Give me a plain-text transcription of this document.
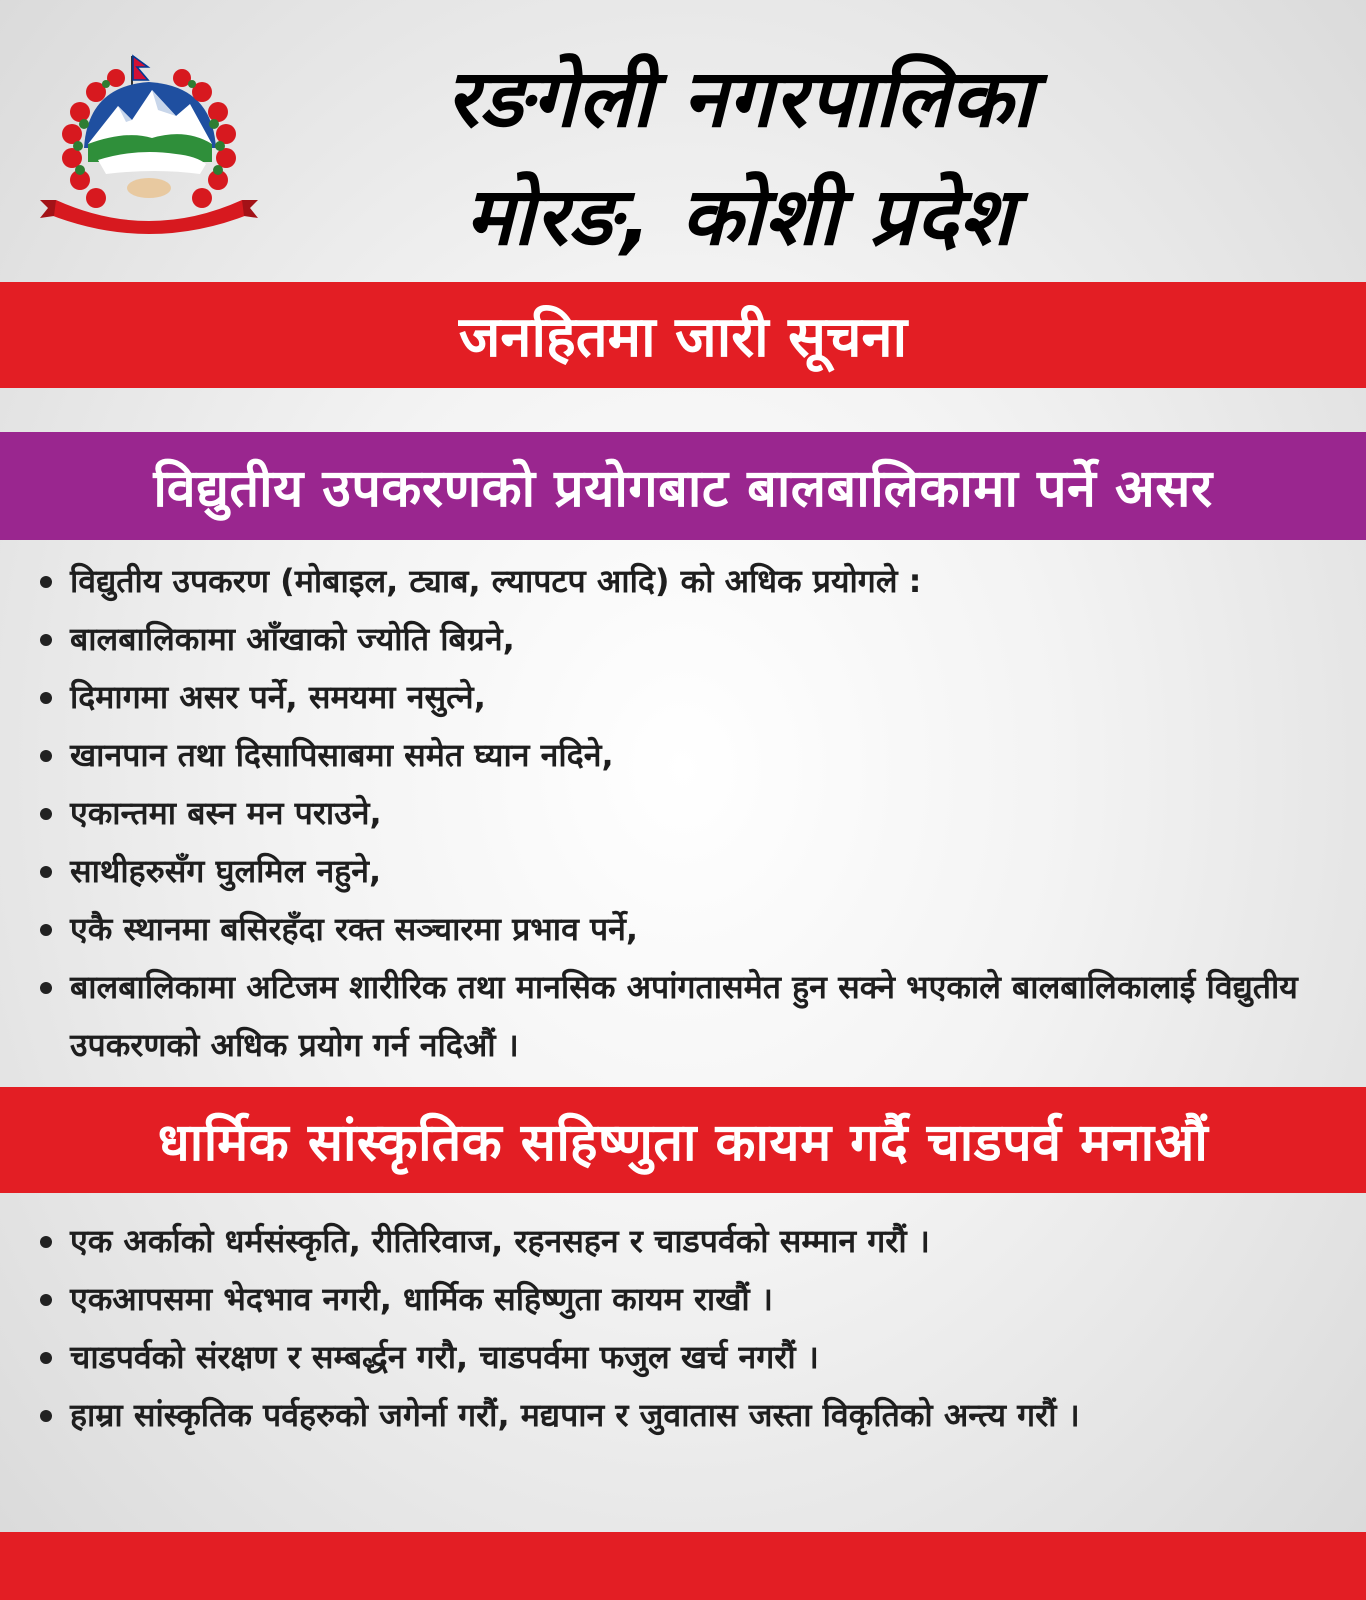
रङगेली नगरपालिका
मोरङ, कोशी प्रदेश
जनहितमा जारी सूचना
विद्युतीय उपकरणको प्रयोगबाट बालबालिकामा पर्ने असर
विद्युतीय उपकरण (मोबाइल, ट्याब, ल्यापटप आदि) को अधिक प्रयोगले :
बालबालिकामा आँखाको ज्योति बिग्रने,
दिमागमा असर पर्ने, समयमा नसुत्ने,
खानपान तथा दिसापिसाबमा समेत घ्यान नदिने,
एकान्तमा बस्न मन पराउने,
साथीहरुसँग घुलमिल नहुने,
एकै स्थानमा बसिरहँदा रक्त सञ्चारमा प्रभाव पर्ने,
बालबालिकामा अटिजम शारीरिक तथा मानसिक अपांगतासमेत हुन सक्ने भएकाले बालबालिकालाई विद्युतीय उपकरणको अधिक प्रयोग गर्न नदिऔं ।
धार्मिक सांस्कृतिक सहिष्णुता कायम गर्दै चाडपर्व मनाऔं
एक अर्काको धर्मसंस्कृति, रीतिरिवाज, रहनसहन र चाडपर्वको सम्मान गरौं ।
एकआपसमा भेदभाव नगरी, धार्मिक सहिष्णुता कायम राखौं ।
चाडपर्वको संरक्षण र सम्बर्द्धन गरौ, चाडपर्वमा फजुल खर्च नगरौं ।
हाम्रा सांस्कृतिक पर्वहरुको जगेर्ना गरौं, मद्यपान र जुवातास जस्ता विकृतिको अन्त्य गरौं ।
